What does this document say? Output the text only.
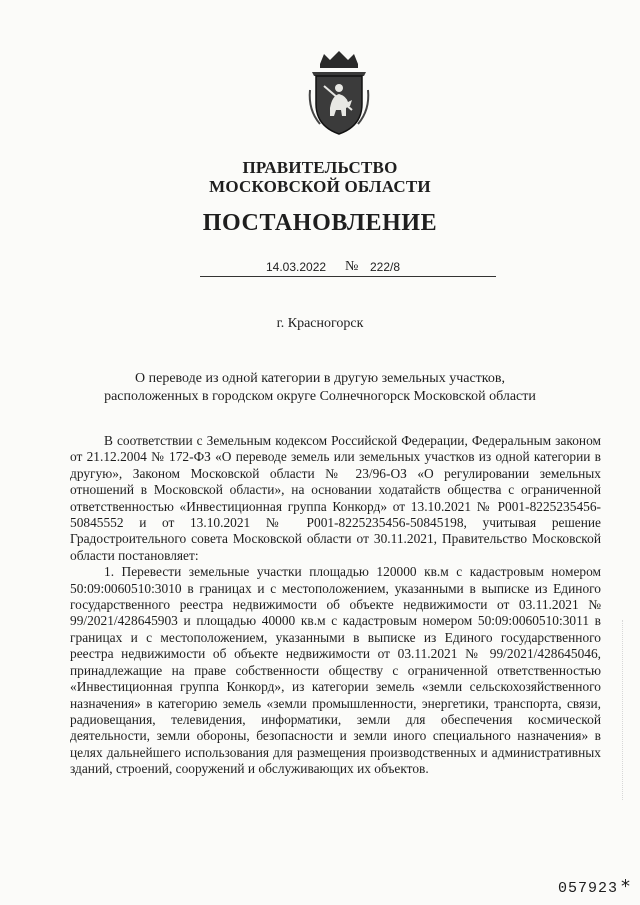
ПРАВИТЕЛЬСТВО
МОСКОВСКОЙ ОБЛАСТИ
ПОСТАНОВЛЕНИЕ
14.03.2022 № 222/8
г. Красногорск
О переводе из одной категории в другую земельных участков,
расположенных в городском округе Солнечногорск Московской области

В соответствии с Земельным кодексом Российской Федерации, Федеральным законом от 21.12.2004 № 172-ФЗ «О переводе земель или земельных участков из одной категории в другую», Законом Московской области № 23/96-ОЗ «О регулировании земельных отношений в Московской области», на основании ходатайств общества с ограниченной ответственностью «Инвестиционная группа Конкорд» от 13.10.2021 № Р001-8225235456-50845552 и от 13.10.2021 № Р001-8225235456-50845198, учитывая решение Градостроительного совета Московской области от 30.11.2021, Правительство Московской области постановляет:

1. Перевести земельные участки площадью 120000 кв.м с кадастровым номером 50:09:0060510:3010 в границах и с местоположением, указанными в выписке из Единого государственного реестра недвижимости об объекте недвижимости от 03.11.2021 № 99/2021/428645903 и площадью 40000 кв.м с кадастровым номером 50:09:0060510:3011 в границах и с местоположением, указанными в выписке из Единого государственного реестра недвижимости об объекте недвижимости от 03.11.2021 № 99/2021/428645046, принадлежащие на праве собственности обществу с ограниченной ответственностью «Инвестиционная группа Конкорд», из категории земель «земли сельскохозяйственного назначения» в категорию земель «земли промышленности, энергетики, транспорта, связи, радиовещания, телевидения, информатики, земли для обеспечения космической деятельности, земли обороны, безопасности и земли иного специального назначения» в целях дальнейшего использования для размещения производственных и административных зданий, строений, сооружений и обслуживающих их объектов.

057923 *
